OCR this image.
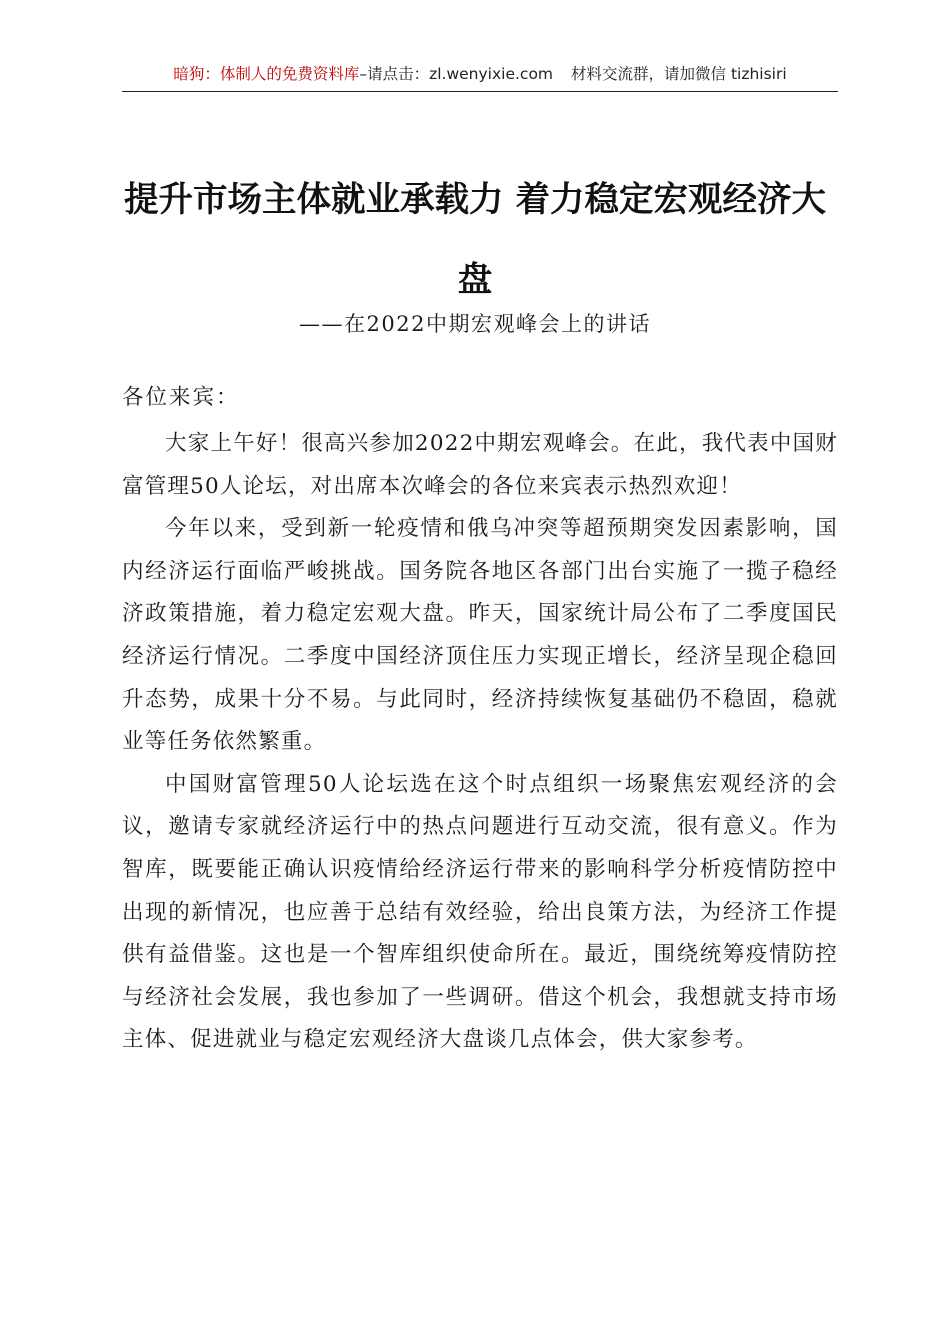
暗狗：体制人的免费资料库–请点击：zl.wenyixie.com 材料交流群，请加微信 tizhisiri
提升市场主体就业承载力 着力稳定宏观经济大盘

——在2022中期宏观峰会上的讲话

各位来宾：

大家上午好！很高兴参加2022中期宏观峰会。在此，我代表中国财富管理50人论坛，对出席本次峰会的各位来宾表示热烈欢迎！

今年以来，受到新一轮疫情和俄乌冲突等超预期突发因素影响，国内经济运行面临严峻挑战。国务院各地区各部门出台实施了一揽子稳经济政策措施，着力稳定宏观大盘。昨天，国家统计局公布了二季度国民经济运行情况。二季度中国经济顶住压力实现正增长，经济呈现企稳回升态势，成果十分不易。与此同时，经济持续恢复基础仍不稳固，稳就业等任务依然繁重。

中国财富管理50人论坛选在这个时点组织一场聚焦宏观经济的会议，邀请专家就经济运行中的热点问题进行互动交流，很有意义。作为智库，既要能正确认识疫情给经济运行带来的影响科学分析疫情防控中出现的新情况，也应善于总结有效经验，给出良策方法，为经济工作提供有益借鉴。这也是一个智库组织使命所在。最近，围绕统筹疫情防控与经济社会发展，我也参加了一些调研。借这个机会，我想就支持市场主体、促进就业与稳定宏观经济大盘谈几点体会，供大家参考。
